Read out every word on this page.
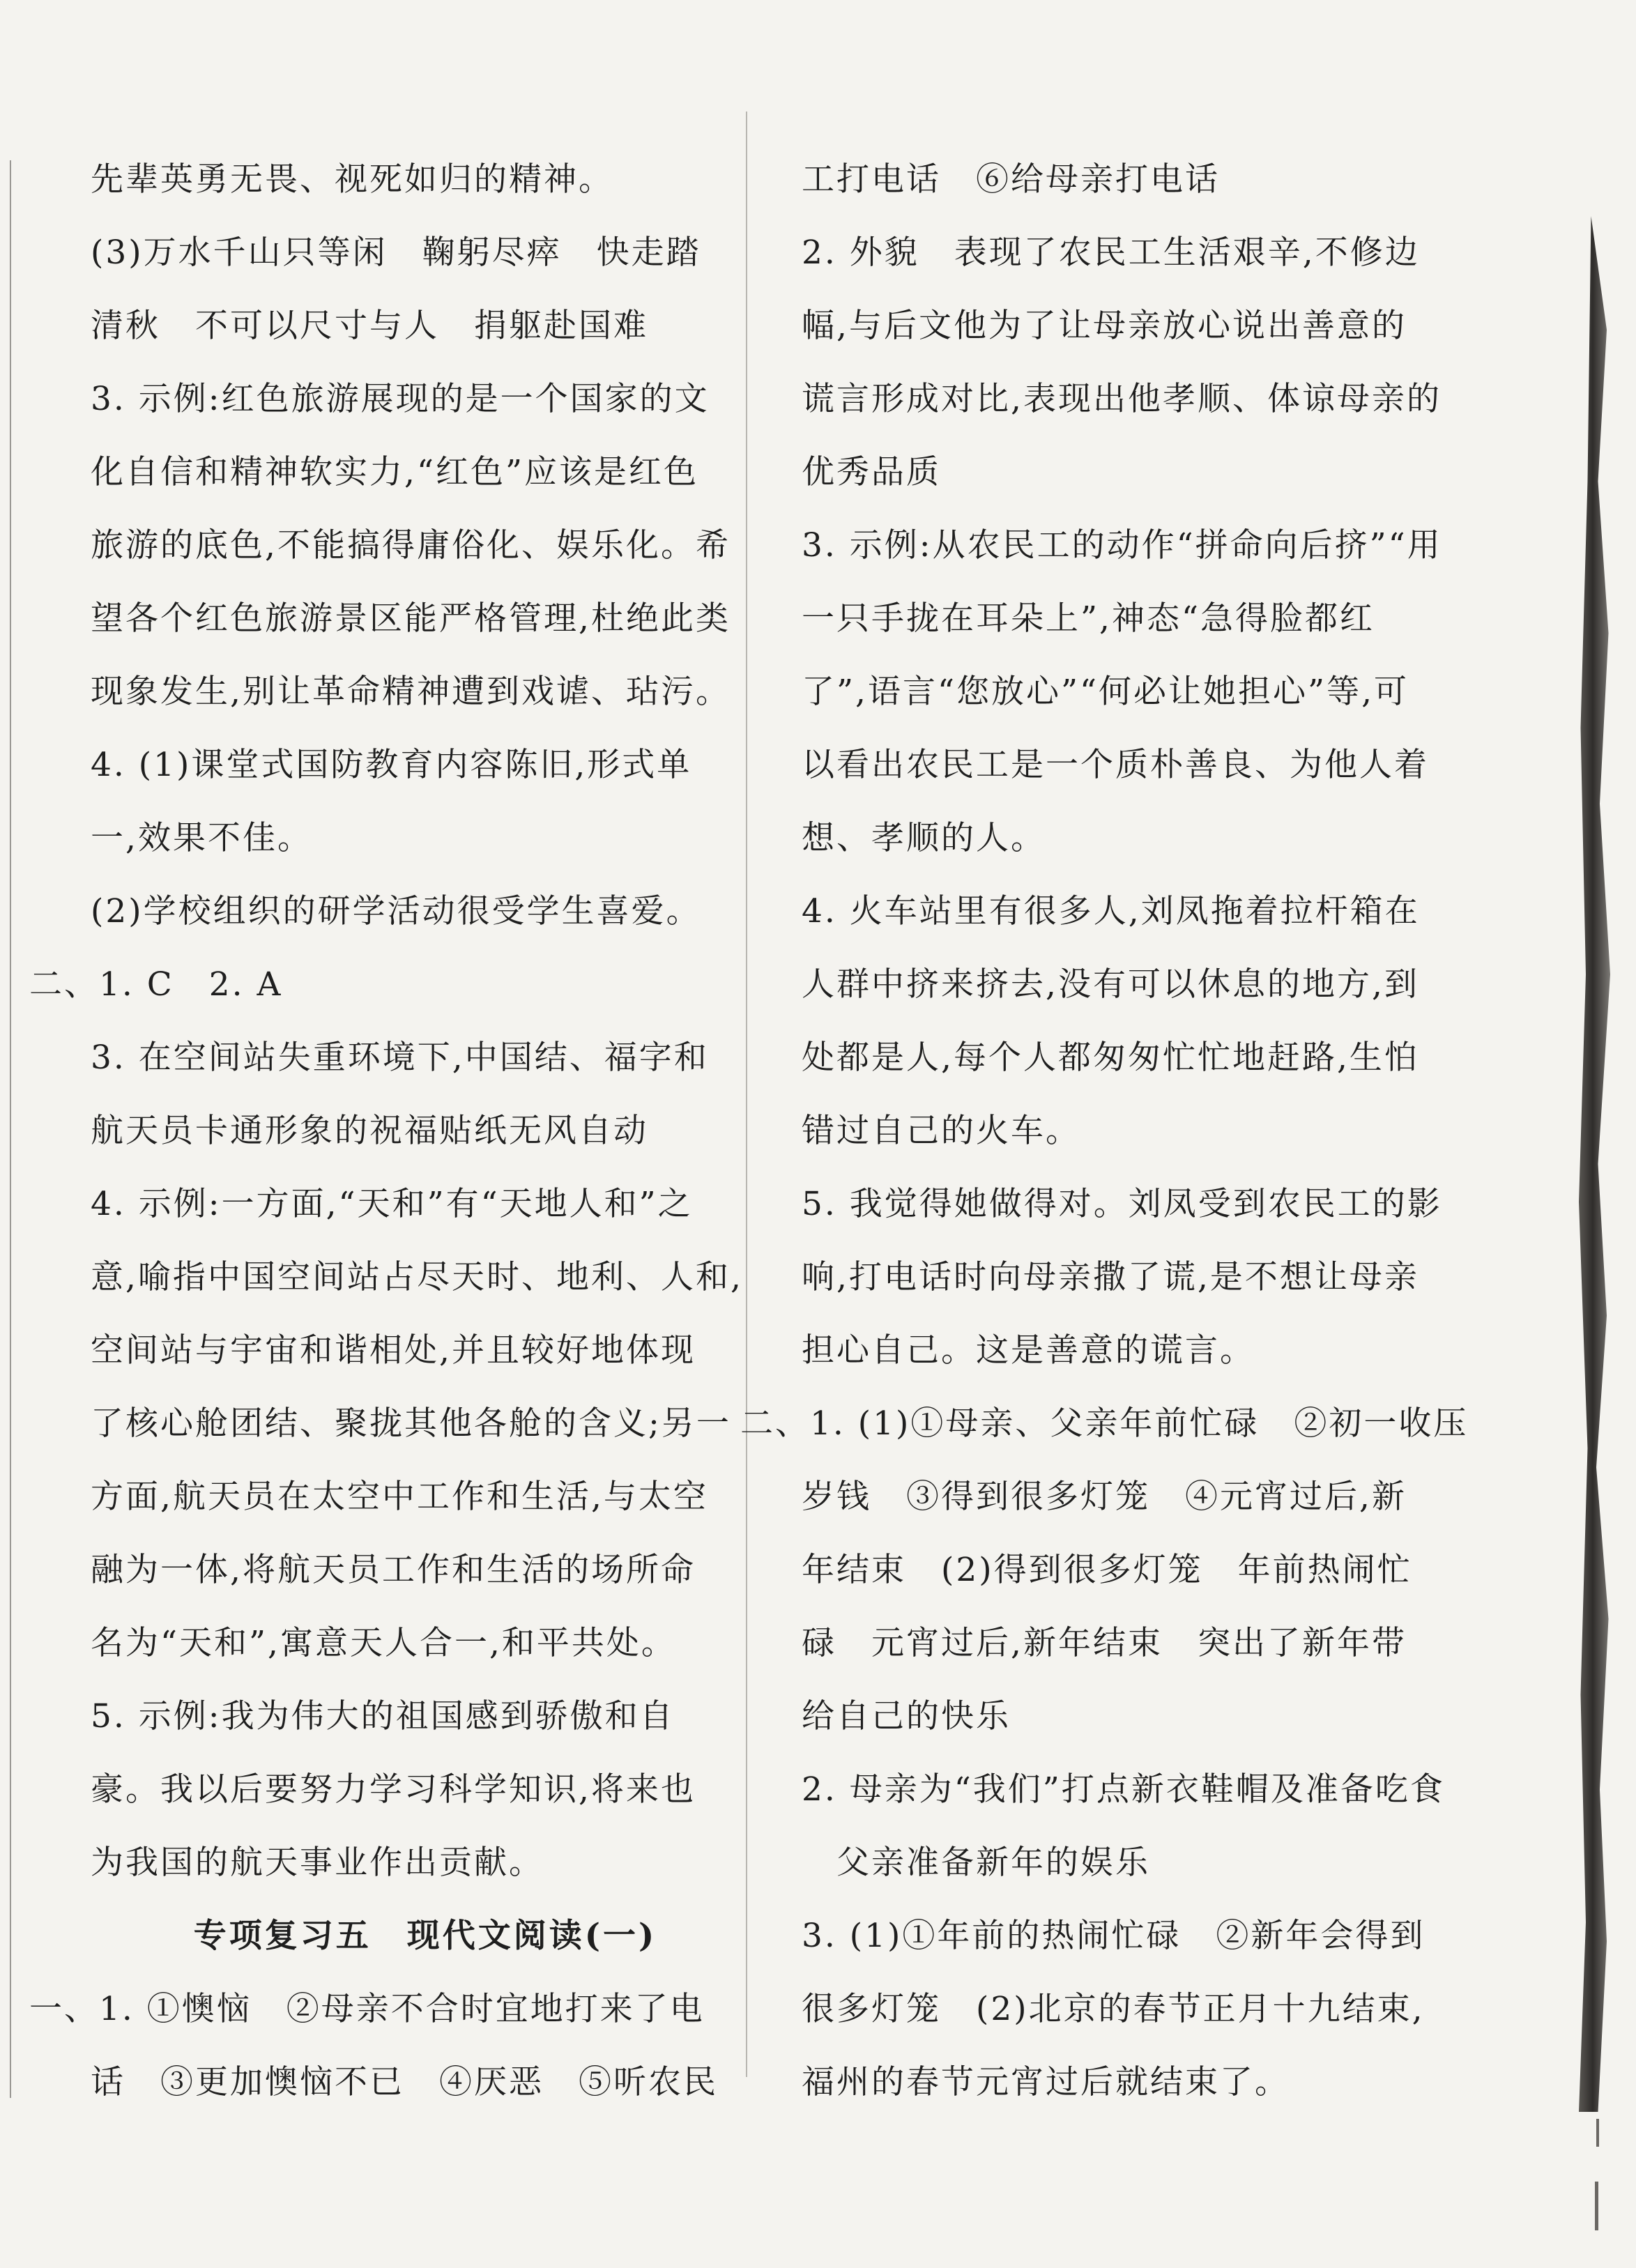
先辈英勇无畏、视死如归的精神。
(3)万水千山只等闲　鞠躬尽瘁　快走踏
清秋　不可以尺寸与人　捐躯赴国难
3. 示例:红色旅游展现的是一个国家的文
化自信和精神软实力,“红色”应该是红色
旅游的底色,不能搞得庸俗化、娱乐化。希
望各个红色旅游景区能严格管理,杜绝此类
现象发生,别让革命精神遭到戏谑、玷污。
4. (1)课堂式国防教育内容陈旧,形式单
一,效果不佳。
(2)学校组织的研学活动很受学生喜爱。
二、1. C　2. A
3. 在空间站失重环境下,中国结、福字和
航天员卡通形象的祝福贴纸无风自动
4. 示例:一方面,“天和”有“天地人和”之
意,喻指中国空间站占尽天时、地利、人和,
空间站与宇宙和谐相处,并且较好地体现
了核心舱团结、聚拢其他各舱的含义;另一
方面,航天员在太空中工作和生活,与太空
融为一体,将航天员工作和生活的场所命
名为“天和”,寓意天人合一,和平共处。
5. 示例:我为伟大的祖国感到骄傲和自
豪。我以后要努力学习科学知识,将来也
为我国的航天事业作出贡献。
专项复习五　现代文阅读(一)
一、1. ①懊恼　②母亲不合时宜地打来了电
话　③更加懊恼不已　④厌恶　⑤听农民
工打电话　⑥给母亲打电话
2. 外貌　表现了农民工生活艰辛,不修边
幅,与后文他为了让母亲放心说出善意的
谎言形成对比,表现出他孝顺、体谅母亲的
优秀品质
3. 示例:从农民工的动作“拼命向后挤”“用
一只手拢在耳朵上”,神态“急得脸都红
了”,语言“您放心”“何必让她担心”等,可
以看出农民工是一个质朴善良、为他人着
想、孝顺的人。
4. 火车站里有很多人,刘凤拖着拉杆箱在
人群中挤来挤去,没有可以休息的地方,到
处都是人,每个人都匆匆忙忙地赶路,生怕
错过自己的火车。
5. 我觉得她做得对。刘凤受到农民工的影
响,打电话时向母亲撒了谎,是不想让母亲
担心自己。这是善意的谎言。
二、1. (1)①母亲、父亲年前忙碌　②初一收压
岁钱　③得到很多灯笼　④元宵过后,新
年结束　(2)得到很多灯笼　年前热闹忙
碌　元宵过后,新年结束　突出了新年带
给自己的快乐
2. 母亲为“我们”打点新衣鞋帽及准备吃食
　父亲准备新年的娱乐
3. (1)①年前的热闹忙碌　②新年会得到
很多灯笼　(2)北京的春节正月十九结束,
福州的春节元宵过后就结束了。
